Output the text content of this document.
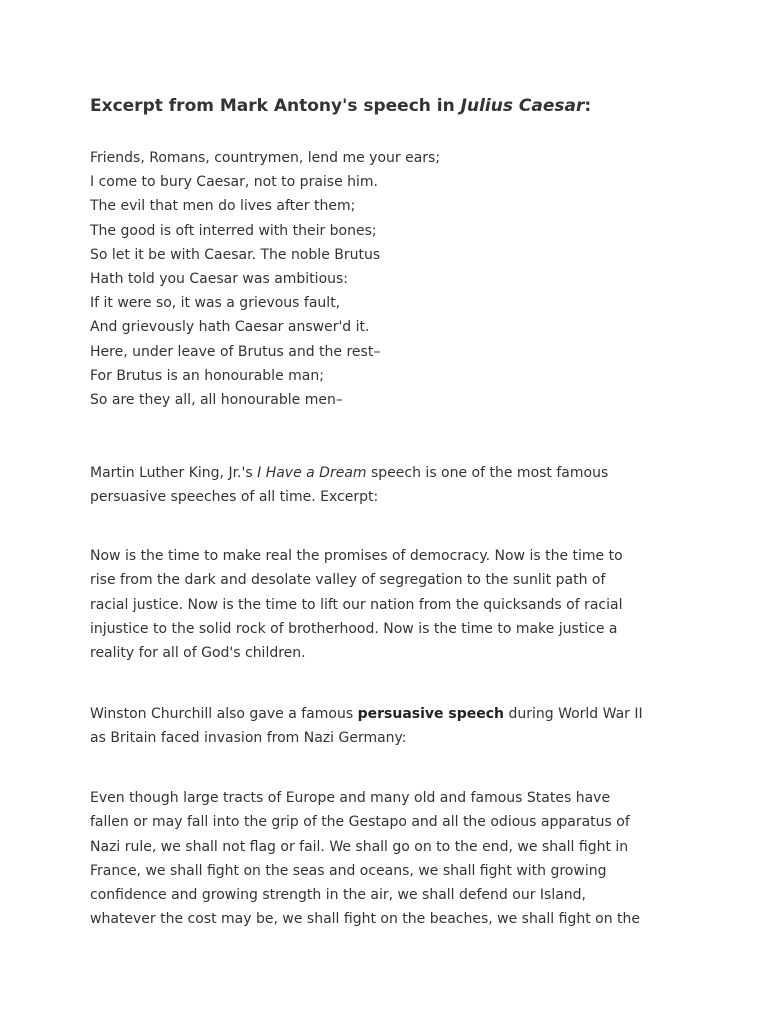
Excerpt from Mark Antony's speech in Julius Caesar:
Friends, Romans, countrymen, lend me your ears;
I come to bury Caesar, not to praise him.
The evil that men do lives after them;
The good is oft interred with their bones;
So let it be with Caesar. The noble Brutus
Hath told you Caesar was ambitious:
If it were so, it was a grievous fault,
And grievously hath Caesar answer'd it.
Here, under leave of Brutus and the rest–
For Brutus is an honourable man;
So are they all, all honourable men–

Martin Luther King, Jr.'s I Have a Dream speech is one of the most famous
persuasive speeches of all time. Excerpt:

Now is the time to make real the promises of democracy. Now is the time to
rise from the dark and desolate valley of segregation to the sunlit path of
racial justice. Now is the time to lift our nation from the quicksands of racial
injustice to the solid rock of brotherhood. Now is the time to make justice a
reality for all of God's children.

Winston Churchill also gave a famous persuasive speech during World War II
as Britain faced invasion from Nazi Germany:

Even though large tracts of Europe and many old and famous States have
fallen or may fall into the grip of the Gestapo and all the odious apparatus of
Nazi rule, we shall not flag or fail. We shall go on to the end, we shall fight in
France, we shall fight on the seas and oceans, we shall fight with growing
confidence and growing strength in the air, we shall defend our Island,
whatever the cost may be, we shall fight on the beaches, we shall fight on the
